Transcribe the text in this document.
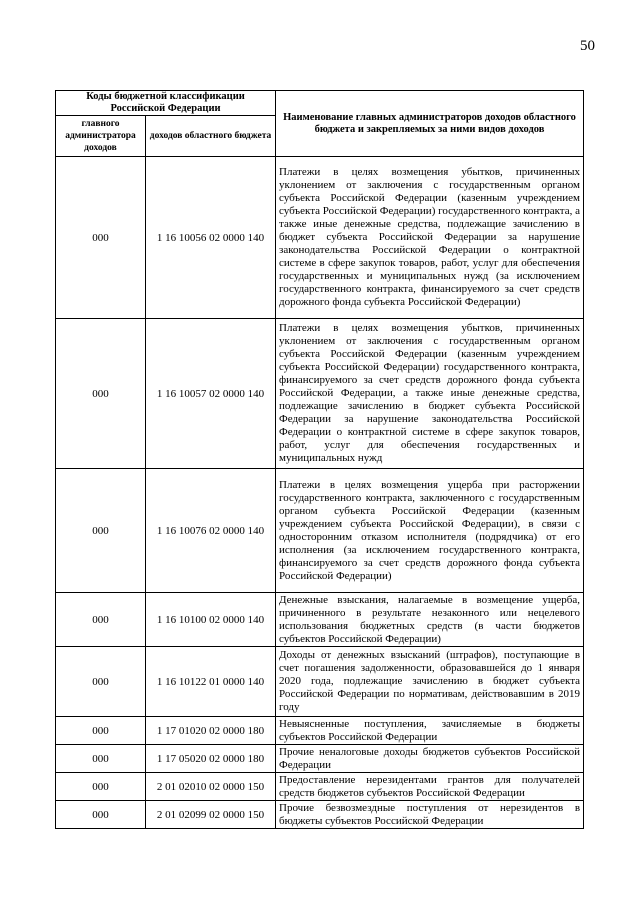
50
Коды бюджетной классификации Российской Федерации		Наименование главных администраторов доходов областного бюджета и закрепляемых за ними видов доходов
главного администратора доходов	доходов областного бюджета	
000	1 16 10056 02 0000 140	Платежи в целях возмещения убытков, причиненных уклонением от заключения с государственным органом субъекта Российской Федерации (казенным учреждением субъекта Российской Федерации) государственного контракта, а также иные денежные средства, подлежащие зачислению в бюджет субъекта Российской Федерации за нарушение законодательства Российской Федерации о контрактной системе в сфере закупок товаров, работ, услуг для обеспечения государственных и муниципальных нужд (за исключением государственного контракта, финансируемого за счет средств дорожного фонда субъекта Российской Федерации)
000	1 16 10057 02 0000 140	Платежи в целях возмещения убытков, причиненных уклонением от заключения с государственным органом субъекта Российской Федерации (казенным учреждением субъекта Российской Федерации) государственного контракта, финансируемого за счет средств дорожного фонда субъекта Российской Федерации, а также иные денежные средства, подлежащие зачислению в бюджет субъекта Российской Федерации за нарушение законодательства Российской Федерации о контрактной системе в сфере закупок товаров, работ, услуг для обеспечения государственных и муниципальных нужд
000	1 16 10076 02 0000 140	Платежи в целях возмещения ущерба при расторжении государственного контракта, заключенного с государственным органом субъекта Российской Федерации (казенным учреждением субъекта Российской Федерации), в связи с односторонним отказом исполнителя (подрядчика) от его исполнения (за исключением государственного контракта, финансируемого за счет средств дорожного фонда субъекта Российской Федерации)
000	1 16 10100 02 0000 140	Денежные взыскания, налагаемые в возмещение ущерба, причиненного в результате незаконного или нецелевого использования бюджетных средств (в части бюджетов субъектов Российской Федерации)
000	1 16 10122 01 0000 140	Доходы от денежных взысканий (штрафов), поступающие в счет погашения задолженности, образовавшейся до 1 января 2020 года, подлежащие зачислению в бюджет субъекта Российской Федерации по нормативам, действовавшим в 2019 году
000	1 17 01020 02 0000 180	Невыясненные поступления, зачисляемые в бюджеты субъектов Российской Федерации
000	1 17 05020 02 0000 180	Прочие неналоговые доходы бюджетов субъектов Российской Федерации
000	2 01 02010 02 0000 150	Предоставление нерезидентами грантов для получателей средств бюджетов субъектов Российской Федерации
000	2 01 02099 02 0000 150	Прочие безвозмездные поступления от нерезидентов в бюджеты субъектов Российской Федерации
